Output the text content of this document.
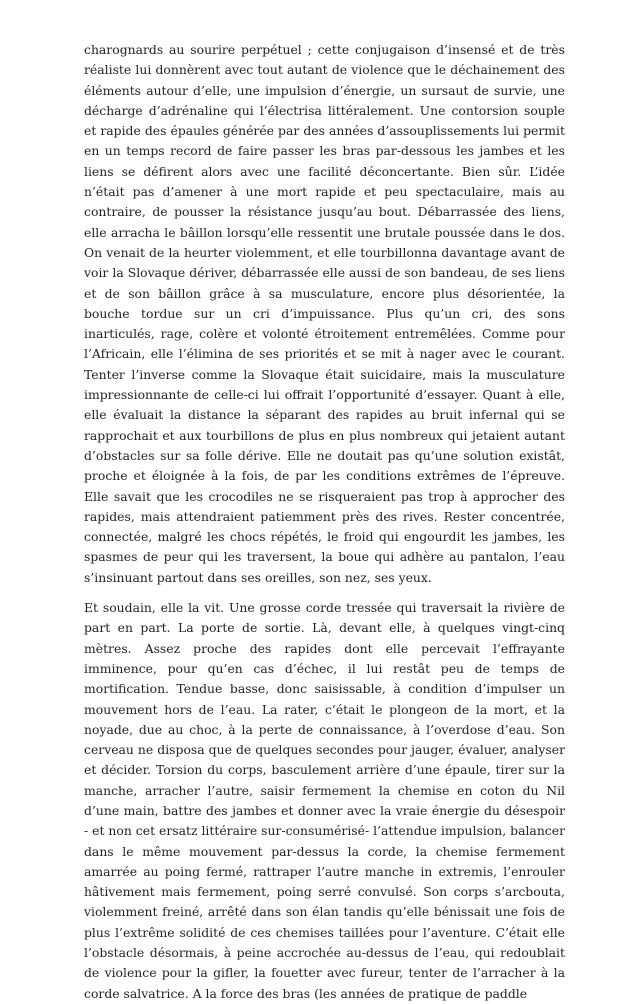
charognards au sourire perpétuel ; cette conjugaison d’insensé et de très réaliste lui donnèrent avec tout autant de violence que le déchainement des éléments autour d’elle, une impulsion d’énergie, un sursaut de survie, une décharge d’adrénaline qui l’électrisa littéralement. Une contorsion souple et rapide des épaules générée par des années d’assouplissements lui permit en un temps record de faire passer les bras par-dessous les jambes et les liens se défirent alors avec une facilité déconcertante. Bien sûr. L’idée n’était pas d’amener à une mort rapide et peu spectaculaire, mais au contraire, de pousser la résistance jusqu’au bout. Débarrassée des liens, elle arracha le bâillon lorsqu’elle ressentit une brutale poussée dans le dos. On venait de la heurter violemment, et elle tourbillonna davantage avant de voir la Slovaque dériver, débarrassée elle aussi de son bandeau, de ses liens et de son bâillon grâce à sa musculature, encore plus désorientée, la bouche tordue sur un cri d’impuissance. Plus qu’un cri, des sons inarticulés, rage, colère et volonté étroitement entremêlées. Comme pour l’Africain, elle l’élimina de ses priorités et se mit à nager avec le courant. Tenter l’inverse comme la Slovaque était suicidaire, mais la musculature impressionnante de celle-ci lui offrait l’opportunité d’essayer. Quant à elle, elle évaluait la distance la séparant des rapides au bruit infernal qui se rapprochait et aux tourbillons de plus en plus nombreux qui jetaient autant d’obstacles sur sa folle dérive. Elle ne doutait pas qu’une solution existât, proche et éloignée à la fois, de par les conditions extrêmes de l’épreuve. Elle savait que les crocodiles ne se risqueraient pas trop à approcher des rapides, mais attendraient patiemment près des rives. Rester concentrée, connectée, malgré les chocs répétés, le froid qui engourdit les jambes, les spasmes de peur qui les traversent, la boue qui adhère au pantalon, l’eau s’insinuant partout dans ses oreilles, son nez, ses yeux.

Et soudain, elle la vit. Une grosse corde tressée qui traversait la rivière de part en part. La porte de sortie. Là, devant elle, à quelques vingt-cinq mètres. Assez proche des rapides dont elle percevait l’effrayante imminence, pour qu’en cas d’échec, il lui restât peu de temps de mortification. Tendue basse, donc saisissable, à condition d’impulser un mouvement hors de l’eau. La rater, c’était le plongeon de la mort, et la noyade, due au choc, à la perte de connaissance, à l’overdose d’eau. Son cerveau ne disposa que de quelques secondes pour jauger, évaluer, analyser et décider. Torsion du corps, basculement arrière d’une épaule, tirer sur la manche, arracher l’autre, saisir fermement la chemise en coton du Nil d’une main, battre des jambes et donner avec la vraie énergie du désespoir - et non cet ersatz littéraire sur-consumérisé- l’attendue impulsion, balancer dans le même mouvement par-dessus la corde, la chemise fermement amarrée au poing fermé, rattraper l’autre manche in extremis, l’enrouler hâtivement mais fermement, poing serré convulsé. Son corps s’arcbouta, violemment freiné, arrêté dans son élan tandis qu’elle bénissait une fois de plus l’extrême solidité de ces chemises taillées pour l’aventure. C’était elle l’obstacle désormais, à peine accrochée au-dessus de l’eau, qui redoublait de violence pour la gifler, la fouetter avec fureur, tenter de l’arracher à la corde salvatrice. A la force des bras (les années de pratique de paddle
